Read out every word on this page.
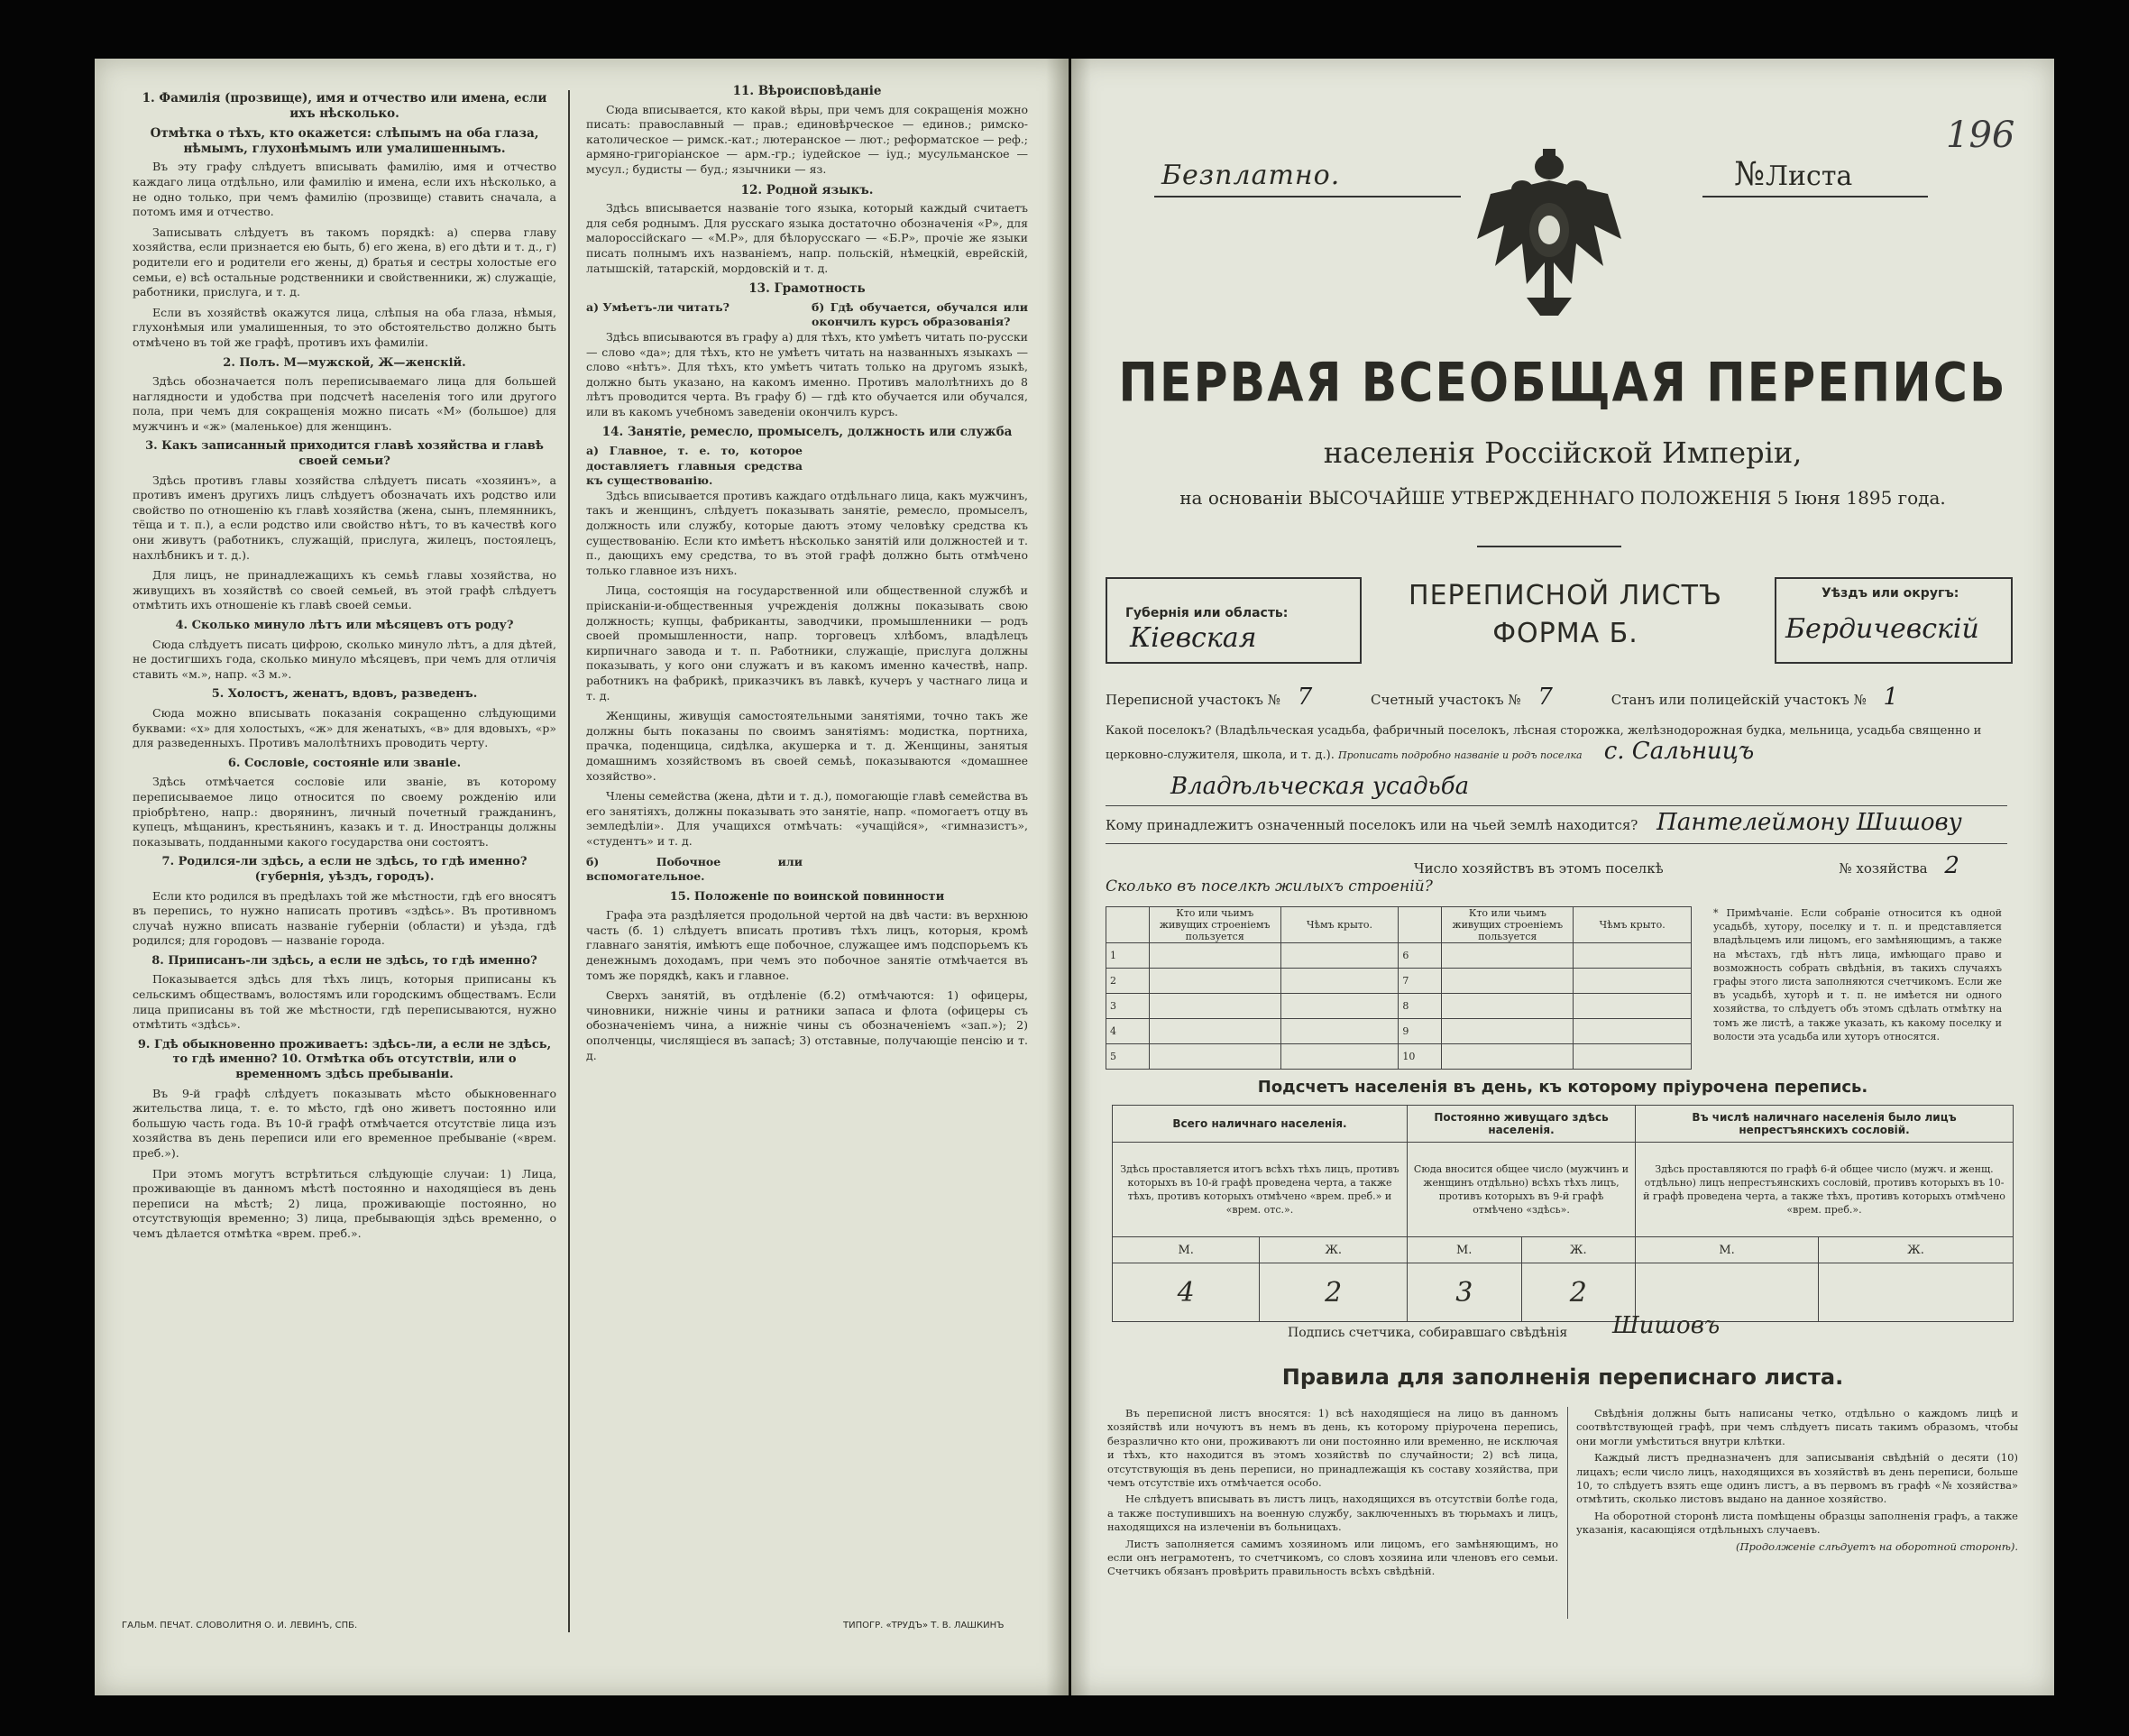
1. Фамилія (прозвище), имя и отчество или имена, если ихъ нѣсколько.
Отмѣтка о тѣхъ, кто окажется: слѣпымъ на оба глаза, нѣмымъ, глухонѣмымъ или умалишеннымъ.

Въ эту графу слѣдуетъ вписывать фамилію, имя и отчество каждаго лица отдѣльно, или фамилію и имена, если ихъ нѣсколько, а не одно только, при чемъ фамилію (прозвище) ставить сначала, а потомъ имя и отчество.

Записывать слѣдуетъ въ такомъ порядкѣ: а) сперва главу хозяйства, если признается ею быть, б) его жена, в) его дѣти и т. д., г) родители его и родители его жены, д) братья и сестры холостые его семьи, е) всѣ остальные родственники и свойственники, ж) служащіе, работники, прислуга, и т. д.

Если въ хозяйствѣ окажутся лица, слѣпыя на оба глаза, нѣмыя, глухонѣмыя или умалишенныя, то это обстоятельство должно быть отмѣчено въ той же графѣ, противъ ихъ фамиліи.

2. Полъ. М—мужской, Ж—женскій.

Здѣсь обозначается полъ переписываемаго лица для большей наглядности и удобства при подсчетѣ населенія того или другого пола, при чемъ для сокращенія можно писать «М» (большое) для мужчинъ и «ж» (маленькое) для женщинъ.

3. Какъ записанный приходится главѣ хозяйства и главѣ своей семьи?

Здѣсь противъ главы хозяйства слѣдуетъ писать «хозяинъ», а противъ именъ другихъ лицъ слѣдуетъ обозначать ихъ родство или свойство по отношенію къ главѣ хозяйства (жена, сынъ, племянникъ, тёща и т. п.), а если родство или свойство нѣтъ, то въ качествѣ кого они живутъ (работникъ, служащій, прислуга, жилецъ, постоялецъ, нахлѣбникъ и т. д.).

Для лицъ, не принадлежащихъ къ семьѣ главы хозяйства, но живущихъ въ хозяйствѣ со своей семьей, въ этой графѣ слѣдуетъ отмѣтить ихъ отношеніе къ главѣ своей семьи.

4. Сколько минуло лѣтъ или мѣсяцевъ отъ роду?

Сюда слѣдуетъ писать цифрою, сколько минуло лѣтъ, а для дѣтей, не достигшихъ года, сколько минуло мѣсяцевъ, при чемъ для отличія ставить «м.», напр. «3 м.».

5. Холостъ, женатъ, вдовъ, разведенъ.

Сюда можно вписывать показанія сокращенно слѣдующими буквами: «х» для холостыхъ, «ж» для женатыхъ, «в» для вдовыхъ, «р» для разведенныхъ. Противъ малолѣтнихъ проводить черту.

6. Сословіе, состояніе или званіе.

Здѣсь отмѣчается сословіе или званіе, въ которому переписываемое лицо относится по своему рожденію или пріобрѣтено, напр.: дворянинъ, личный почетный гражданинъ, купецъ, мѣщанинъ, крестьянинъ, казакъ и т. д. Иностранцы должны показывать, подданными какого государства они состоятъ.

7. Родился-ли здѣсь, а если не здѣсь, то гдѣ именно? (губернія, уѣздъ, городъ).

Если кто родился въ предѣлахъ той же мѣстности, гдѣ его вносятъ въ перепись, то нужно написать противъ «здѣсь». Въ противномъ случаѣ нужно вписать названіе губерніи (области) и уѣзда, гдѣ родился; для городовъ — названіе города.

8. Приписанъ-ли здѣсь, а если не здѣсь, то гдѣ именно?

Показывается здѣсь для тѣхъ лицъ, которыя приписаны къ сельскимъ обществамъ, волостямъ или городскимъ обществамъ. Если лица приписаны въ той же мѣстности, гдѣ переписываются, нужно отмѣтить «здѣсь».

9. Гдѣ обыкновенно проживаетъ: здѣсь-ли, а если не здѣсь, то гдѣ именно? 10. Отмѣтка объ отсутствіи, или о временномъ здѣсь пребываніи.

Въ 9-й графѣ слѣдуетъ показывать мѣсто обыкновеннаго жительства лица, т. е. то мѣсто, гдѣ оно живетъ постоянно или большую часть года. Въ 10-й графѣ отмѣчается отсутствіе лица изъ хозяйства въ день переписи или его временное пребываніе («врем. преб.»).

При этомъ могутъ встрѣтиться слѣдующіе случаи: 1) Лица, проживающіе въ данномъ мѣстѣ постоянно и находящіеся въ день переписи на мѣстѣ; 2) лица, проживающіе постоянно, но отсутствующія временно; 3) лица, пребывающія здѣсь временно, о чемъ дѣлается отмѣтка «врем. преб.».

11. Вѣроисповѣданіе

Сюда вписывается, кто какой вѣры, при чемъ для сокращенія можно писать: православный — прав.; единовѣрческое — единов.; римско-католическое — римск.-кат.; лютеранское — лют.; реформатское — реф.; армяно-григоріанское — арм.-гр.; іудейское — іуд.; мусульманское — муcул.; будисты — буд.; язычники — яз.

12. Родной языкъ.

Здѣсь вписывается названіе того языка, который каждый считаетъ для себя роднымъ. Для русскаго языка достаточно обозначенія «Р», для малороссійскаго — «М.Р», для бѣлорусскаго — «Б.Р», прочіе же языки писать полнымъ ихъ названіемъ, напр. польскій, нѣмецкій, еврейскій, латышскій, татарскій, мордовскій и т. д.

13. Грамотность
а) Умѣетъ-ли читать?	б) Гдѣ обучается, обучался или окончилъ курсъ образованія?

Здѣсь вписываются въ графу а) для тѣхъ, кто умѣетъ читать по-русски — слово «да»; для тѣхъ, кто не умѣетъ читать на названныхъ языкахъ — слово «нѣтъ». Для тѣхъ, кто умѣетъ читать только на другомъ языкѣ, должно быть указано, на какомъ именно. Противъ малолѣтнихъ до 8 лѣтъ проводится черта. Въ графу б) — гдѣ кто обучается или обучался, или въ какомъ учебномъ заведеніи окончилъ курсъ.

14. Занятіе, ремесло, промыселъ, должность или служба
а) Главное, т. е. то, которое доставляетъ главныя средства къ существованію.

Здѣсь вписывается противъ каждаго отдѣльнаго лица, какъ мужчинъ, такъ и женщинъ, слѣдуетъ показывать занятіе, ремесло, промыселъ, должность или службу, которые даютъ этому человѣку средства къ существованію. Если кто имѣетъ нѣсколько занятій или должностей и т. п., дающихъ ему средства, то въ этой графѣ должно быть отмѣчено только главное изъ нихъ.

Лица, состоящія на государственной или общественной службѣ и пріисканіи-и-общественныя учрежденія должны показывать свою должность; купцы, фабриканты, заводчики, промышленники — родъ своей промышленности, напр. торговецъ хлѣбомъ, владѣлецъ кирпичнаго завода и т. п. Работники, служащіе, прислуга должны показывать, у кого они служатъ и въ какомъ именно качествѣ, напр. работникъ на фабрикѣ, приказчикъ въ лавкѣ, кучеръ у частнаго лица и т. д.

Женщины, живущія самостоятельными занятіями, точно такъ же должны быть показаны по своимъ занятіямъ: модистка, портниха, прачка, поденщица, сидѣлка, акушерка и т. д. Женщины, занятыя домашнимъ хозяйствомъ въ своей семьѣ, показываются «домашнее хозяйство».

Члены семейства (жена, дѣти и т. д.), помогающіе главѣ семейства въ его занятіяхъ, должны показывать это занятіе, напр. «помогаетъ отцу въ земледѣліи». Для учащихся отмѣчать: «учащійся», «гимназистъ», «студентъ» и т. д.

б) Побочное или вспомогательное.
15. Положеніе по воинской повинности

Графа эта раздѣляется продольной чертой на двѣ части: въ верхнюю часть (б. 1) слѣдуетъ вписать противъ тѣхъ лицъ, которыя, кромѣ главнаго занятія, имѣютъ еще побочное, служащее имъ подспорьемъ къ денежнымъ доходамъ, при чемъ это побочное занятіе отмѣчается въ томъ же порядкѣ, какъ и главное.

Сверхъ занятій, въ отдѣленіе (б.2) отмѣчаются: 1) офицеры, чиновники, нижніе чины и ратники запаса и флота (офицеры съ обозначеніемъ чина, а нижніе чины съ обозначеніемъ «зап.»); 2) ополченцы, числящіеся въ запасѣ; 3) отставные, получающіе пенсію и т. д.

ГАЛЬМ. ПЕЧАТ. СЛОВОЛИТНЯ О. И. ЛЕВИНЪ, СПБ.	ТИПОГР. «ТРУДЪ» Т. В. ЛАШКИНЪ
Безплатно.	№ Листа
196
ПЕРВАЯ ВСЕОБЩАЯ ПЕРЕПИСЬ
населенія Россійской Имперіи,
на основаніи ВЫСОЧАЙШЕ УТВЕРЖДЕННАГО ПОЛОЖЕНІЯ 5 Іюня 1895 года.
Губернія или область:
Кіевская
ПЕРЕПИСНОЙ ЛИСТЪ
ФОРМА Б.
Уѣздъ или округъ:
Бердичевскій
Переписной участокъ № 7	Счетный участокъ № 7	Станъ или полицейскій участокъ № 1
Какой поселокъ? (Владѣльческая усадьба, фабричный поселокъ, лѣсная сторожка, желѣзнодорожная будка, мельница, усадьба священно и церковно-служителя, школа, и т. д.). Прописать подробно названіе и родъ поселка с. Сальницъ
Владѣльческая усадьба
Кому принадлежитъ означенный поселокъ или на чьей землѣ находится? Пантелеймону Шишову
Число хозяйствъ въ этомъ поселкѣ	№ хозяйства 2
Сколько въ поселкѣ жилыхъ строеній?
	Кто или чьимъ живущих строеніемъ пользуется	Чѣмъ крыто.		Кто или чьимъ живущих строеніемъ пользуется	Чѣмъ крыто.
1			6		
2			7		
3			8		
4			9		
5			10		
* Примѣчаніе. Если собраніе относится къ одной усадьбѣ, хутору, поселку и т. п. и представляется владѣльцемъ или лицомъ, его замѣняющимъ, а также на мѣстахъ, гдѣ нѣтъ лица, имѣющаго право и возможность собрать свѣдѣнія, въ такихъ случаяхъ графы этого листа заполняются счетчикомъ. Если же въ усадьбѣ, хуторѣ и т. п. не имѣется ни одного хозяйства, то слѣдуетъ объ этомъ сдѣлать отмѣтку на томъ же листѣ, а также указать, къ какому поселку и волости эта усадьба или хуторъ относятся.
Подсчетъ населенія въ день, къ которому пріурочена перепись.
Всего наличнаго населенія.		Постоянно живущаго здѣсь населенія.		Въ числѣ наличнаго населенія было лицъ непрестъянскихъ сословій.	
Здѣсь проставляется итогъ всѣхъ тѣхъ лицъ, противъ которыхъ въ 10-й графѣ проведена черта, а также тѣхъ, противъ которыхъ отмѣчено «врем. преб.» и «врем. отс.».		Сюда вносится общее число (мужчинъ и женщинъ отдѣльно) всѣхъ тѣхъ лицъ, противъ которыхъ въ 9-й графѣ отмѣчено «здѣсь».		Здѣсь проставляются по графѣ 6-й общее число (мужч. и женщ. отдѣльно) лицъ непрестъянскихъ сословій, противъ которыхъ въ 10-й графѣ проведена черта, а также тѣхъ, противъ которыхъ отмѣчено «врем. преб.».	
М.	Ж.	М.	Ж.	М.	Ж.
4	2	3	2		
Подпись счетчика, собиравшаго свѣдѣнія Шишовъ
Правила для заполненія переписнаго листа.

Въ переписной листъ вносятся: 1) всѣ находящіеся на лицо въ данномъ хозяйствѣ или ночуютъ въ немъ въ день, къ которому пріурочена перепись, безразлично кто они, проживаютъ ли они постоянно или временно, не исключая и тѣхъ, кто находится въ этомъ хозяйствѣ по случайности; 2) всѣ лица, отсутствующія въ день переписи, но принадлежащія къ составу хозяйства, при чемъ отсутствіе ихъ отмѣчается особо.

Не слѣдуетъ вписывать въ листъ лицъ, находящихся въ отсутствіи болѣе года, а также поступившихъ на военную службу, заключенныхъ въ тюрьмахъ и лицъ, находящихся на излеченіи въ больницахъ.

Листъ заполняется самимъ хозяиномъ или лицомъ, его замѣняющимъ, но если онъ неграмотенъ, то счетчикомъ, со словъ хозяина или членовъ его семьи. Счетчикъ обязанъ провѣрить правильность всѣхъ свѣдѣній.

Свѣдѣнія должны быть написаны четко, отдѣльно о каждомъ лицѣ и соотвѣтствующей графѣ, при чемъ слѣдуетъ писать такимъ образомъ, чтобы они могли умѣститься внутри клѣтки.

Каждый листъ предназначенъ для записыванія свѣдѣній о десяти (10) лицахъ; если число лицъ, находящихся въ хозяйствѣ въ день переписи, больше 10, то слѣдуетъ взять еще одинъ листъ, а въ первомъ въ графѣ «№ хозяйства» отмѣтить, сколько листовъ выдано на данное хозяйство.

На оборотной сторонѣ листа помѣщены образцы заполненія графъ, а также указанія, касающіяся отдѣльныхъ случаевъ.

(Продолженіе слѣдуетъ на оборотной сторонѣ).
